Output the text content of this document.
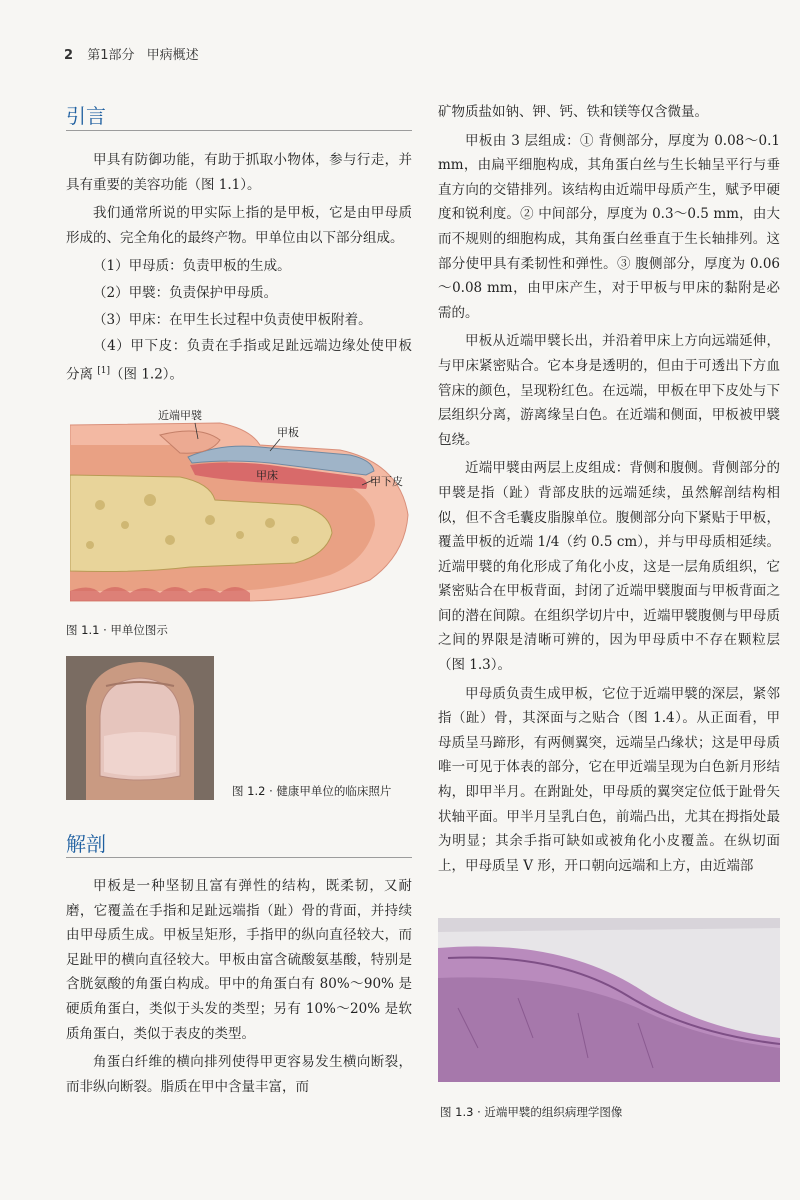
2 第1部分 甲病概述
引言

甲具有防御功能，有助于抓取小物体，参与行走，并具有重要的美容功能（图 1.1）。

我们通常所说的甲实际上指的是甲板，它是由甲母质形成的、完全角化的最终产物。甲单位由以下部分组成。

（1）甲母质：负责甲板的生成。

（2）甲襞：负责保护甲母质。

（3）甲床：在甲生长过程中负责使甲板附着。

（4）甲下皮：负责在手指或足趾远端边缘处使甲板分离 [1]（图 1.2）。

近端甲襞
甲板
甲床	甲下皮
图 1.1 · 甲单位图示
图 1.2 · 健康甲单位的临床照片
解剖

甲板是一种坚韧且富有弹性的结构，既柔韧，又耐磨，它覆盖在手指和足趾远端指（趾）骨的背面，并持续由甲母质生成。甲板呈矩形，手指甲的纵向直径较大，而足趾甲的横向直径较大。甲板由富含硫酸氨基酸，特别是含胱氨酸的角蛋白构成。甲中的角蛋白有 80%～90% 是硬质角蛋白，类似于头发的类型；另有 10%～20% 是软质角蛋白，类似于表皮的类型。

角蛋白纤维的横向排列使得甲更容易发生横向断裂，而非纵向断裂。脂质在甲中含量丰富，而

矿物质盐如钠、钾、钙、铁和镁等仅含微量。

甲板由 3 层组成：① 背侧部分，厚度为 0.08～0.1 mm，由扁平细胞构成，其角蛋白丝与生长轴呈平行与垂直方向的交错排列。该结构由近端甲母质产生，赋予甲硬度和锐利度。② 中间部分，厚度为 0.3～0.5 mm，由大而不规则的细胞构成，其角蛋白丝垂直于生长轴排列。这部分使甲具有柔韧性和弹性。③ 腹侧部分，厚度为 0.06～0.08 mm，由甲床产生，对于甲板与甲床的黏附是必需的。

甲板从近端甲襞长出，并沿着甲床上方向远端延伸，与甲床紧密贴合。它本身是透明的，但由于可透出下方血管床的颜色，呈现粉红色。在远端，甲板在甲下皮处与下层组织分离，游离缘呈白色。在近端和侧面，甲板被甲襞包绕。

近端甲襞由两层上皮组成：背侧和腹侧。背侧部分的甲襞是指（趾）背部皮肤的远端延续，虽然解剖结构相似，但不含毛囊皮脂腺单位。腹侧部分向下紧贴于甲板，覆盖甲板的近端 1/4（约 0.5 cm），并与甲母质相延续。近端甲襞的角化形成了角化小皮，这是一层角质组织，它紧密贴合在甲板背面，封闭了近端甲襞腹面与甲板背面之间的潜在间隙。在组织学切片中，近端甲襞腹侧与甲母质之间的界限是清晰可辨的，因为甲母质中不存在颗粒层（图 1.3）。

甲母质负责生成甲板，它位于近端甲襞的深层，紧邻指（趾）骨，其深面与之贴合（图 1.4）。从正面看，甲母质呈马蹄形，有两侧翼突，远端呈凸缘状；这是甲母质唯一可见于体表的部分，它在甲近端呈现为白色新月形结构，即甲半月。在跗趾处，甲母质的翼突定位低于趾骨矢状轴平面。甲半月呈乳白色，前端凸出，尤其在拇指处最为明显；其余手指可缺如或被角化小皮覆盖。在纵切面上，甲母质呈 V 形，开口朝向远端和上方，由近端部

图 1.3 · 近端甲襞的组织病理学图像
